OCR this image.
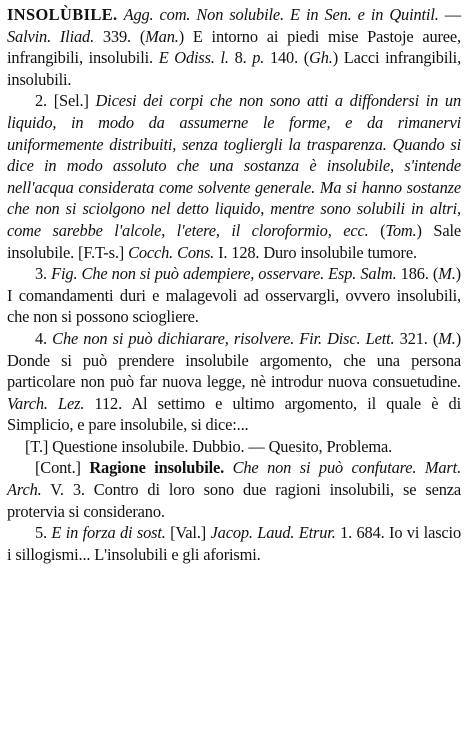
INSOLÙBILE. Agg. com. Non solubile. E in Sen. e in Quintil. — Salvin. Iliad. 339. (Man.) E intorno ai piedi mise Pastoje auree, infrangibili, insolubili. E Odiss. l. 8. p. 140. (Gh.) Lacci infrangibili, insolubili.

2. [Sel.] Dicesi dei corpi che non sono atti a diffondersi in un liquido, in modo da assumerne le forme, e da rimanervi uniformemente distribuiti, senza togliergli la trasparenza. Quando si dice in modo assoluto che una sostanza è insolubile, s'intende nell'acqua considerata come solvente generale. Ma si hanno sostanze che non si sciolgono nel detto liquido, mentre sono solubili in altri, come sarebbe l'alcole, l'etere, il cloroformio, ecc. (Tom.) Sale insolubile. [F.T-s.] Cocch. Cons. I. 128. Duro insolubile tumore.

3. Fig. Che non si può adempiere, osservare. Esp. Salm. 186. (M.) I comandamenti duri e malagevoli ad osservargli, ovvero insolubili, che non si possono sciogliere.

4. Che non si può dichiarare, risolvere. Fir. Disc. Lett. 321. (M.) Donde si può prendere insolubile argomento, che una persona particolare non può far nuova legge, nè introdur nuova consuetudine. Varch. Lez. 112. Al settimo e ultimo argomento, il quale è di Simplicio, e pare insolubile, si dice:...

[T.] Questione insolubile. Dubbio. — Quesito, Problema.

[Cont.] Ragione insolubile. Che non si può confutare. Mart. Arch. V. 3. Contro di loro sono due ragioni insolubili, se senza protervia si considerano.

5. E in forza di sost. [Val.] Jacop. Laud. Etrur. 1. 684. Io vi lascio i sillogismi... L'insolubili e gli aforismi.
